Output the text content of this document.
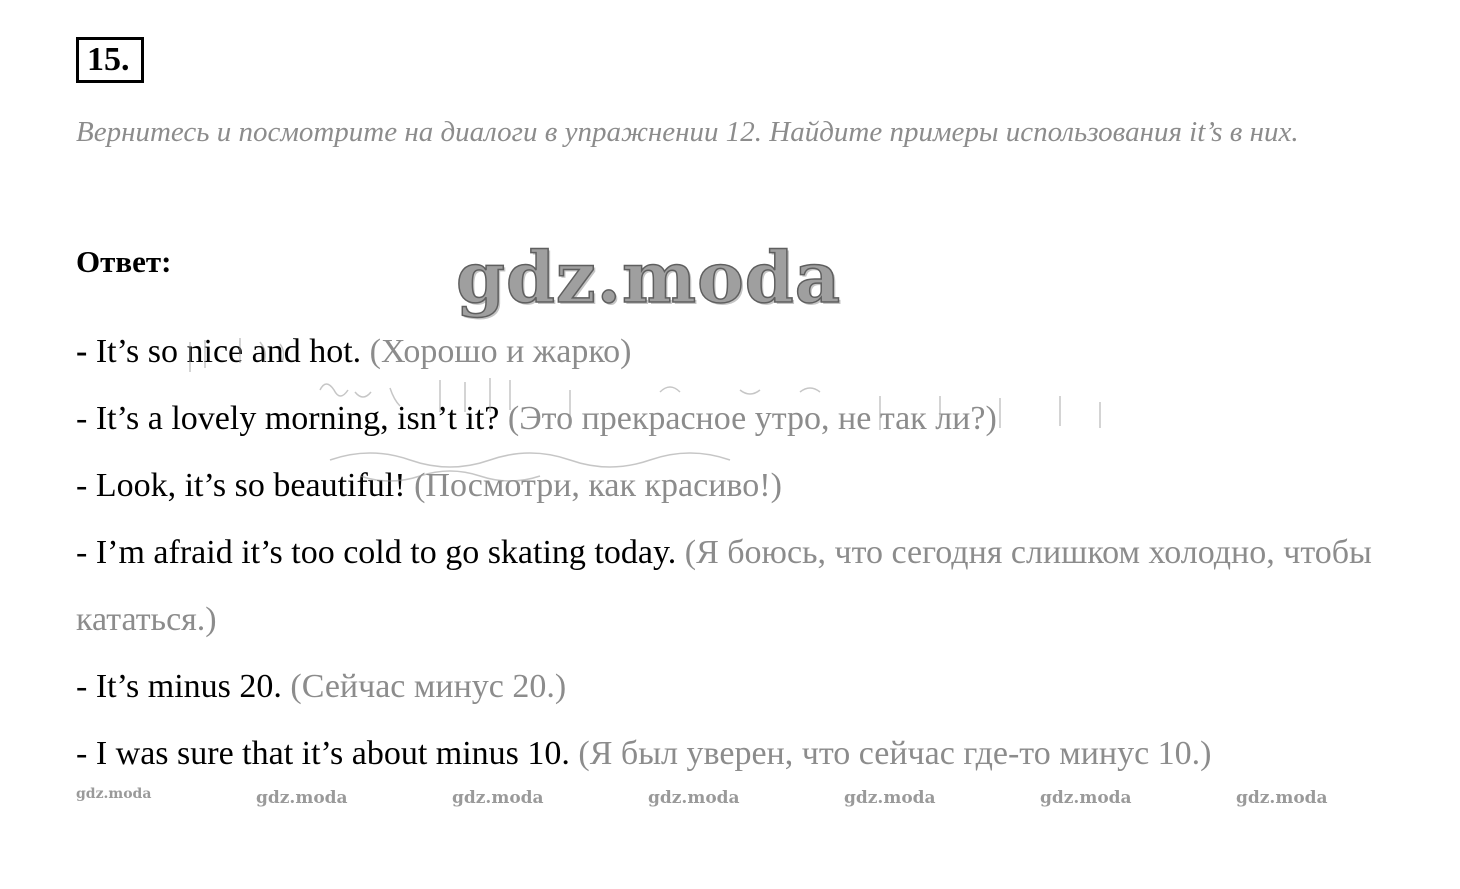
15.

Вернитесь и посмотрите на диалоги в упражнении 12. Найдите примеры использования it’s в них.

Ответ:

- It’s so nice and hot. (Хорошо и жарко)
- It’s a lovely morning, isn’t it? (Это прекрасное утро, не так ли?)
- Look, it’s so beautiful! (Посмотри, как красиво!)
- I’m afraid it’s too cold to go skating today. (Я боюсь, что сегодня слишком холодно, чтобы кататься.)
- It’s minus 20. (Сейчас минус 20.)
- I was sure that it’s about minus 10. (Я был уверен, что сейчас где-то минус 10.)
gdz.moda
gdz.moda	gdz.moda	gdz.moda	gdz.moda	gdz.moda	gdz.moda	gdz.moda
